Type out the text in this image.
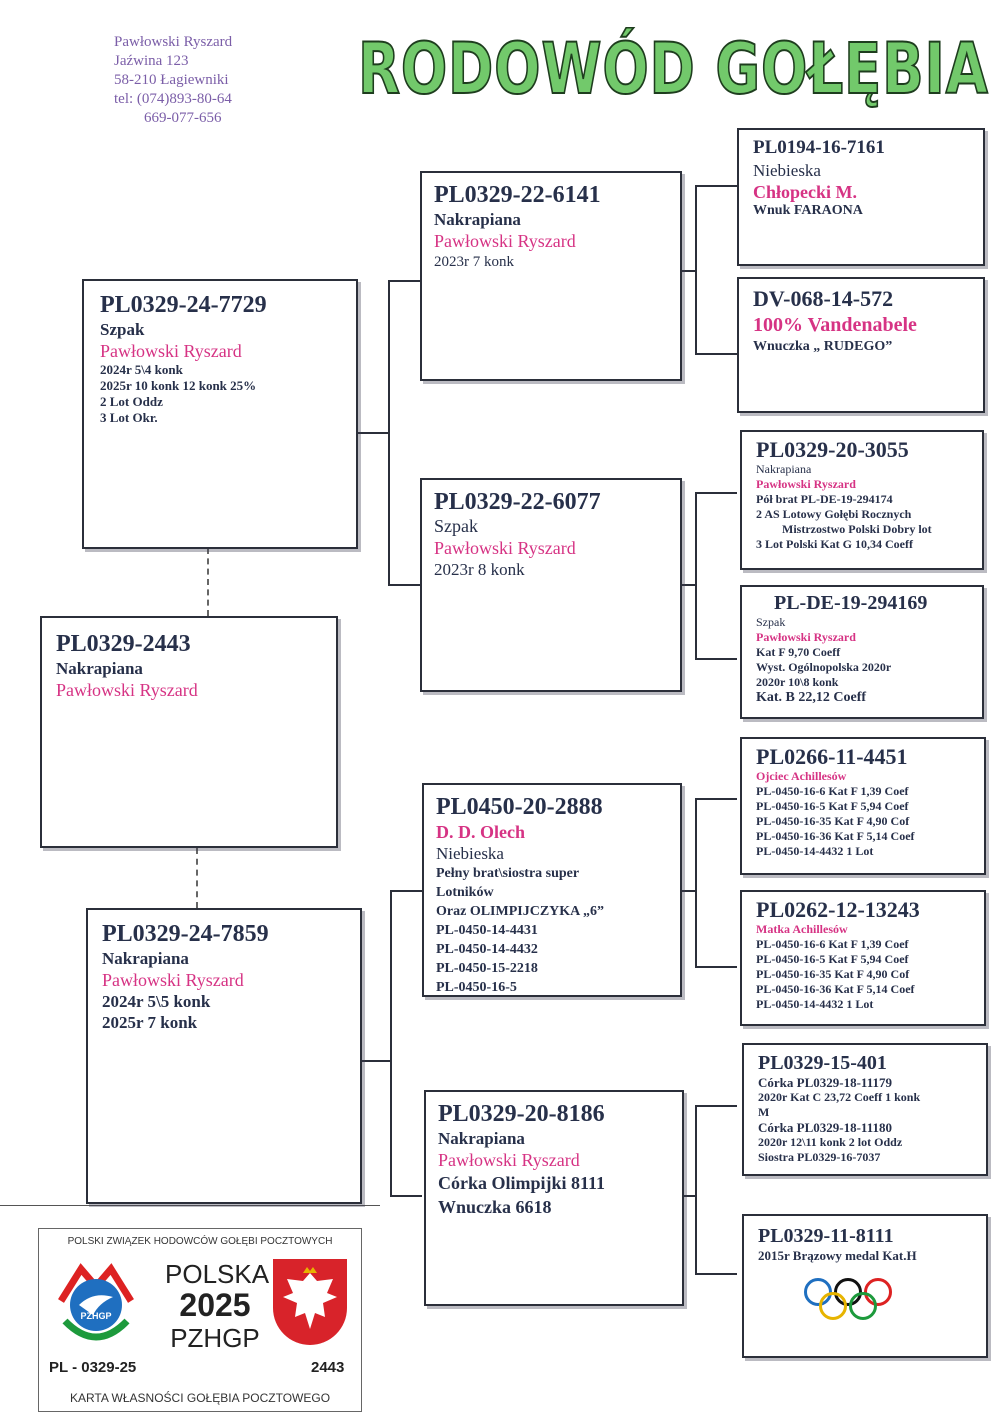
Pawłowski Ryszard
Jaźwina 123
58-210 Łagiewniki
tel: (074)893-80-64
669-077-656
RODOWÓD GOŁĘBIA
PL0329-24-7729
Szpak
Pawłowski Ryszard
2024r 5\4 konk
2025r 10 konk 12 konk 25%
2 Lot Oddz
3 Lot Okr.
PL0329-2443
Nakrapiana
Pawłowski Ryszard
PL0329-24-7859
Nakrapiana
Pawłowski Ryszard
2024r 5\5 konk
2025r 7 konk
PL0329-22-6141
Nakrapiana
Pawłowski Ryszard
2023r 7 konk
PL0329-22-6077
Szpak
Pawłowski Ryszard
2023r 8 konk
PL0450-20-2888
D. D. Olech
Niebieska
Pełny brat\siostra super
Lotników
Oraz OLIMPIJCZYKA „6”
PL-0450-14-4431
PL-0450-14-4432
PL-0450-15-2218
PL-0450-16-5
PL0329-20-8186
Nakrapiana
Pawłowski Ryszard
Córka Olimpijki 8111
Wnuczka 6618
PL0194-16-7161
Niebieska
Chłopecki M.
Wnuk FARAONA
DV-068-14-572
100% Vandenabele
Wnuczka „ RUDEGO”
PL0329-20-3055
Nakrapiana
Pawłowski Ryszard
Pół brat PL-DE-19-294174
2 AS Lotowy Gołębi Rocznych
Mistrzostwo Polski Dobry lot
3 Lot Polski Kat G 10,34 Coeff
PL-DE-19-294169
Szpak
Pawłowski Ryszard
Kat F 9,70 Coeff
Wyst. Ogólnopolska 2020r
2020r 10\8 konk
Kat. B 22,12 Coeff
PL0266-11-4451
Ojciec Achillesów
PL-0450-16-6 Kat F 1,39 Coef
PL-0450-16-5 Kat F 5,94 Coef
PL-0450-16-35 Kat F 4,90 Cof
PL-0450-16-36 Kat F 5,14 Coef
PL-0450-14-4432 1 Lot
PL0262-12-13243
Matka Achillesów
PL-0450-16-6 Kat F 1,39 Coef
PL-0450-16-5 Kat F 5,94 Coef
PL-0450-16-35 Kat F 4,90 Cof
PL-0450-16-36 Kat F 5,14 Coef
PL-0450-14-4432 1 Lot
PL0329-15-401
Córka PL0329-18-11179
2020r Kat C 23,72 Coeff 1 konk
M
Córka PL0329-18-11180
2020r 12\11 konk 2 lot Oddz
Siostra PL0329-16-7037
PL0329-11-8111
2015r Brązowy medal Kat.H
POLSKI ZWIĄZEK HODOWCÓW GOŁĘBI POCZTOWYCH
PZHGP
POLSKA
2025
PZHGP
PL - 0329-25	2443
KARTA WŁASNOŚCI GOŁĘBIA POCZTOWEGO
